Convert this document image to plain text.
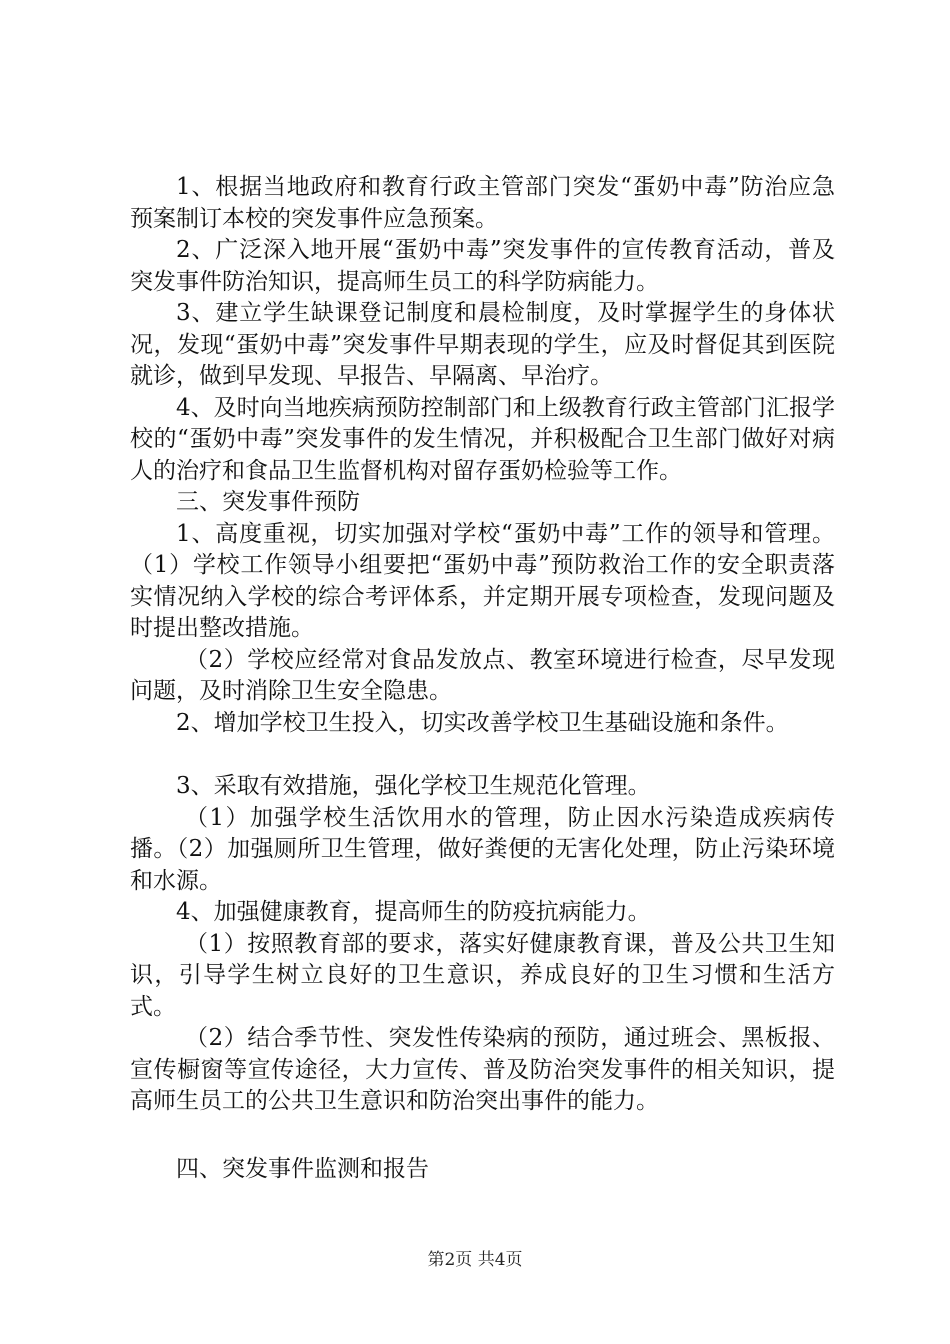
1、根据当地政府和教育行政主管部门突发“蛋奶中毒”防治应急预案制订本校的突发事件应急预案。

2、广泛深入地开展“蛋奶中毒”突发事件的宣传教育活动，普及突发事件防治知识，提高师生员工的科学防病能力。

3、建立学生缺课登记制度和晨检制度，及时掌握学生的身体状况，发现“蛋奶中毒”突发事件早期表现的学生，应及时督促其到医院就诊，做到早发现、早报告、早隔离、早治疗。

4、及时向当地疾病预防控制部门和上级教育行政主管部门汇报学校的“蛋奶中毒”突发事件的发生情况，并积极配合卫生部门做好对病人的治疗和食品卫生监督机构对留存蛋奶检验等工作。

三、突发事件预防

1、高度重视，切实加强对学校“蛋奶中毒”工作的领导和管理。（1）学校工作领导小组要把“蛋奶中毒”预防救治工作的安全职责落实情况纳入学校的综合考评体系，并定期开展专项检查，发现问题及时提出整改措施。

（2）学校应经常对食品发放点、教室环境进行检查，尽早发现问题，及时消除卫生安全隐患。

2、增加学校卫生投入，切实改善学校卫生基础设施和条件。

3、采取有效措施，强化学校卫生规范化管理。

（1）加强学校生活饮用水的管理，防止因水污染造成疾病传播。（2）加强厕所卫生管理，做好粪便的无害化处理，防止污染环境和水源。

4、加强健康教育，提高师生的防疫抗病能力。

（1）按照教育部的要求，落实好健康教育课，普及公共卫生知识，引导学生树立良好的卫生意识，养成良好的卫生习惯和生活方式。

（2）结合季节性、突发性传染病的预防，通过班会、黑板报、宣传橱窗等宣传途径，大力宣传、普及防治突发事件的相关知识，提高师生员工的公共卫生意识和防治突出事件的能力。

四、突发事件监测和报告

第2页 共4页
